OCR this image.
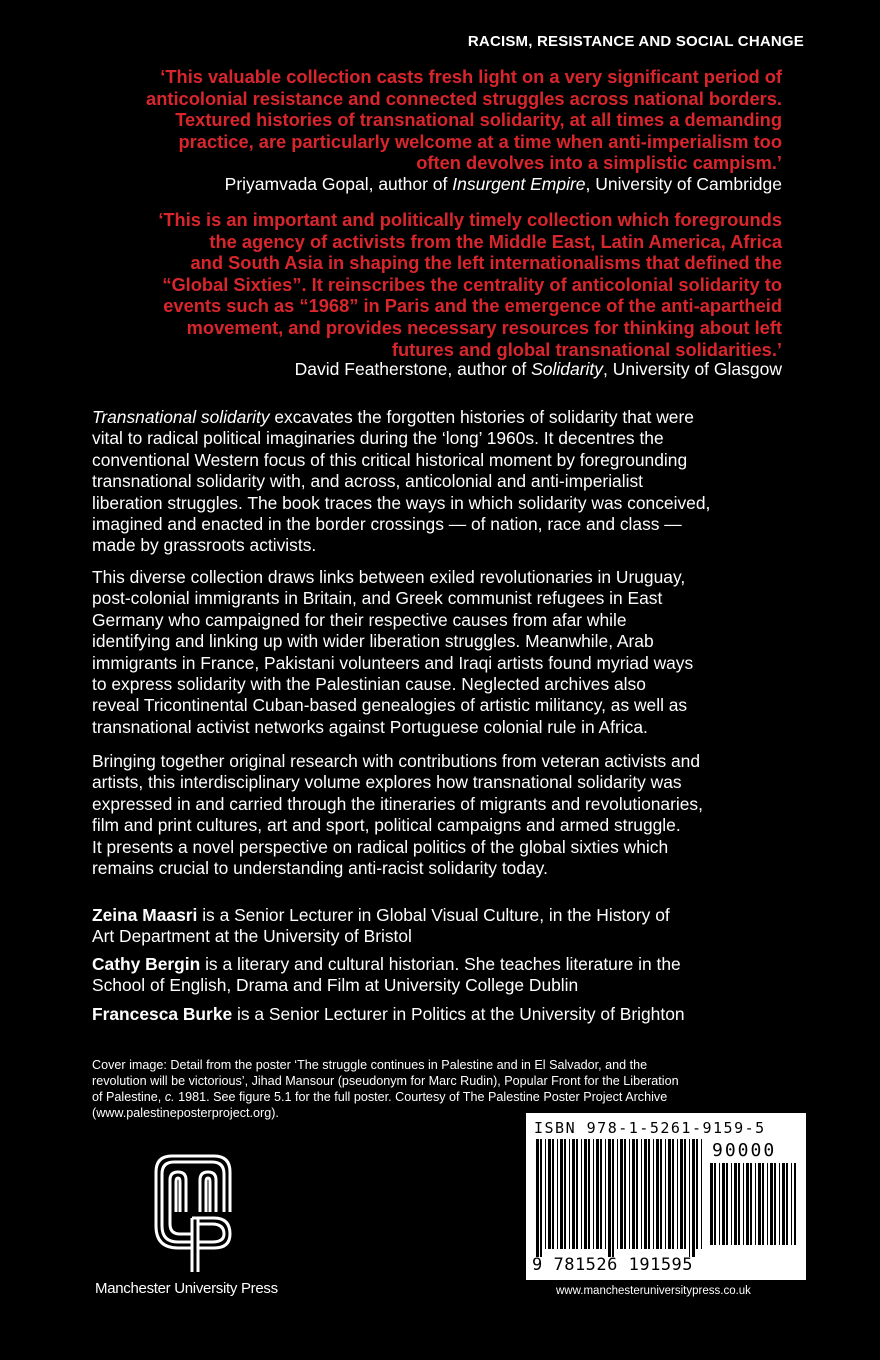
RACISM, RESISTANCE AND SOCIAL CHANGE

‘This valuable collection casts fresh light on a very significant period of

anticolonial resistance and connected struggles across national borders.

Textured histories of transnational solidarity, at all times a demanding

practice, are particularly welcome at a time when anti-imperialism too

often devolves into a simplistic campism.’

Priyamvada Gopal, author of Insurgent Empire, University of Cambridge

‘This is an important and politically timely collection which foregrounds

the agency of activists from the Middle East, Latin America, Africa

and South Asia in shaping the left internationalisms that defined the

“Global Sixties”. It reinscribes the centrality of anticolonial solidarity to

events such as “1968” in Paris and the emergence of the anti-apartheid

movement, and provides necessary resources for thinking about left

futures and global transnational solidarities.’

David Featherstone, author of Solidarity, University of Glasgow

Transnational solidarity excavates the forgotten histories of solidarity that were

vital to radical political imaginaries during the ‘long’ 1960s. It decentres the

conventional Western focus of this critical historical moment by foregrounding

transnational solidarity with, and across, anticolonial and anti-imperialist

liberation struggles. The book traces the ways in which solidarity was conceived,

imagined and enacted in the border crossings — of nation, race and class —

made by grassroots activists.

This diverse collection draws links between exiled revolutionaries in Uruguay,

post-colonial immigrants in Britain, and Greek communist refugees in East

Germany who campaigned for their respective causes from afar while

identifying and linking up with wider liberation struggles. Meanwhile, Arab

immigrants in France, Pakistani volunteers and Iraqi artists found myriad ways

to express solidarity with the Palestinian cause. Neglected archives also

reveal Tricontinental Cuban-based genealogies of artistic militancy, as well as

transnational activist networks against Portuguese colonial rule in Africa.

Bringing together original research with contributions from veteran activists and

artists, this interdisciplinary volume explores how transnational solidarity was

expressed in and carried through the itineraries of migrants and revolutionaries,

film and print cultures, art and sport, political campaigns and armed struggle.

It presents a novel perspective on radical politics of the global sixties which

remains crucial to understanding anti-racist solidarity today.

Zeina Maasri is a Senior Lecturer in Global Visual Culture, in the History of
Art Department at the University of Bristol
Cathy Bergin is a literary and cultural historian. She teaches literature in the
School of English, Drama and Film at University College Dublin
Francesca Burke is a Senior Lecturer in Politics at the University of Brighton
Cover image: Detail from the poster ‘The struggle continues in Palestine and in El Salvador, and the
revolution will be victorious’, Jihad Mansour (pseudonym for Marc Rudin), Popular Front for the Liberation
of Palestine, c. 1981. See figure 5.1 for the full poster. Courtesy of The Palestine Poster Project Archive
(www.palestineposterproject.org).
ISBN 978-1-5261-9159-5
90000
9 781526 191595
Manchester University Press	www.manchesteruniversitypress.co.uk
